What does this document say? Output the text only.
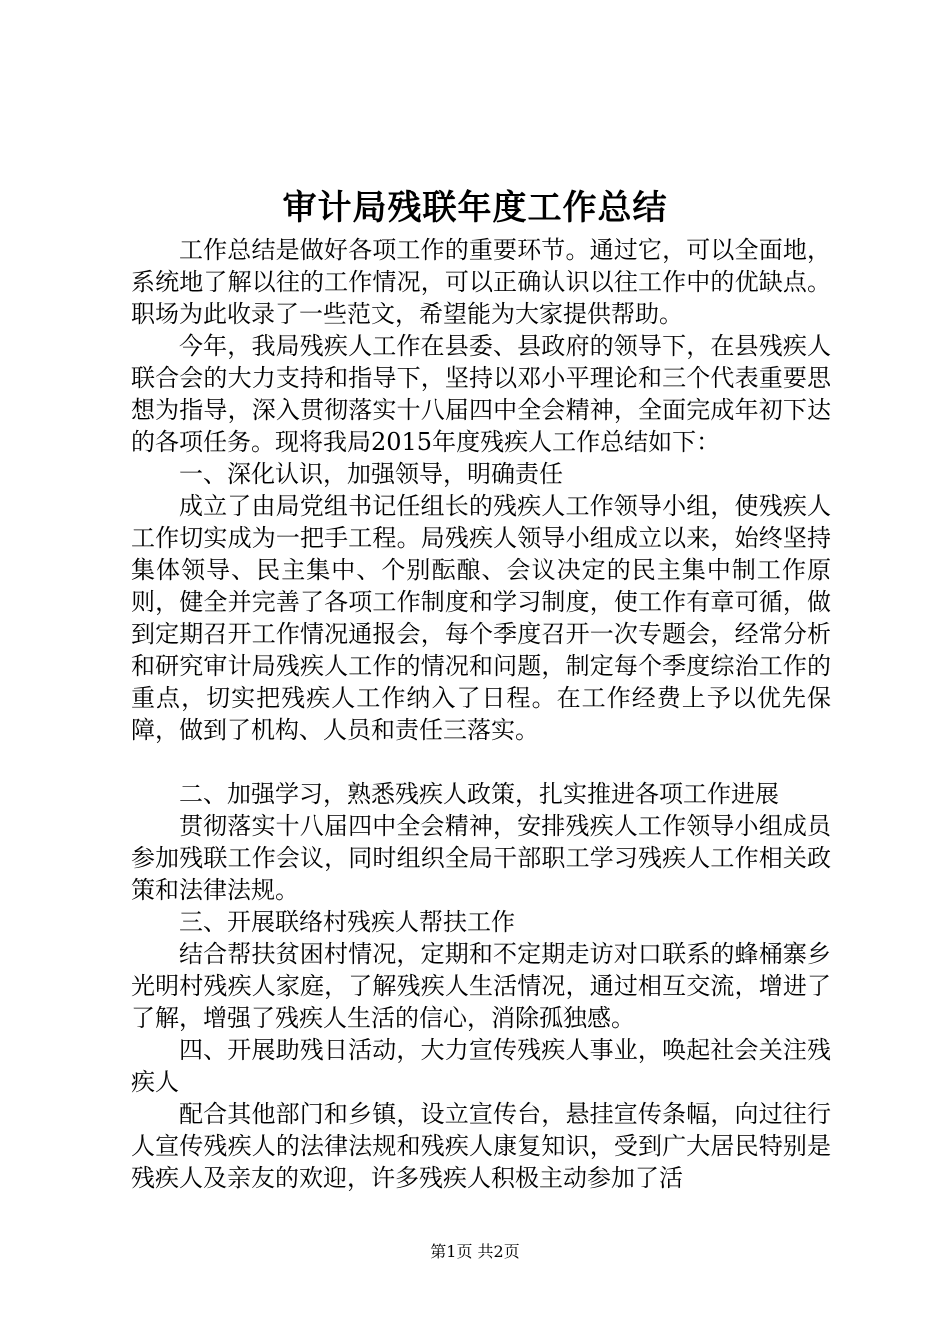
审计局残联年度工作总结

工作总结是做好各项工作的重要环节。通过它，可以全面地，系统地了解以往的工作情况，可以正确认识以往工作中的优缺点。职场为此收录了一些范文，希望能为大家提供帮助。

今年，我局残疾人工作在县委、县政府的领导下，在县残疾人联合会的大力支持和指导下，坚持以邓小平理论和三个代表重要思想为指导，深入贯彻落实十八届四中全会精神，全面完成年初下达的各项任务。现将我局2015年度残疾人工作总结如下：

一、深化认识，加强领导，明确责任

成立了由局党组书记任组长的残疾人工作领导小组，使残疾人工作切实成为一把手工程。局残疾人领导小组成立以来，始终坚持集体领导、民主集中、个别酝酿、会议决定的民主集中制工作原则，健全并完善了各项工作制度和学习制度，使工作有章可循，做到定期召开工作情况通报会，每个季度召开一次专题会，经常分析和研究审计局残疾人工作的情况和问题，制定每个季度综治工作的重点，切实把残疾人工作纳入了日程。在工作经费上予以优先保障，做到了机构、人员和责任三落实。

二、加强学习，熟悉残疾人政策，扎实推进各项工作进展

贯彻落实十八届四中全会精神，安排残疾人工作领导小组成员参加残联工作会议，同时组织全局干部职工学习残疾人工作相关政策和法律法规。

三、开展联络村残疾人帮扶工作

结合帮扶贫困村情况，定期和不定期走访对口联系的蜂桶寨乡光明村残疾人家庭，了解残疾人生活情况，通过相互交流，增进了了解，增强了残疾人生活的信心，消除孤独感。

四、开展助残日活动，大力宣传残疾人事业，唤起社会关注残疾人

配合其他部门和乡镇，设立宣传台，悬挂宣传条幅，向过往行人宣传残疾人的法律法规和残疾人康复知识，受到广大居民特别是残疾人及亲友的欢迎，许多残疾人积极主动参加了活

第1页 共2页
